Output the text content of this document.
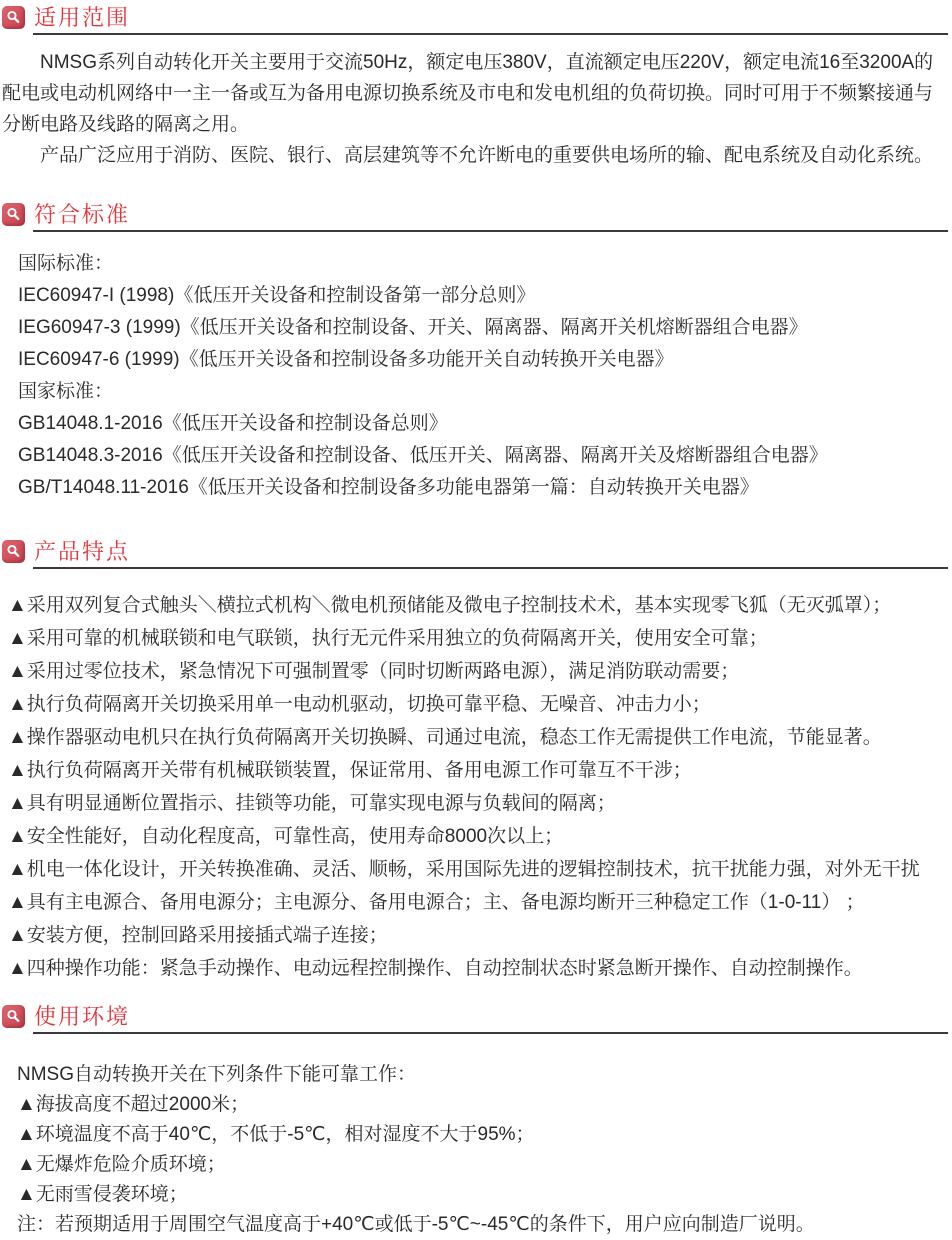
适用范围

NMSG系列自动转化开关主要用于交流50Hz，额定电压380V，直流额定电压220V，额定电流16至3200A的配电或电动机网络中一主一备或互为备用电源切换系统及市电和发电机组的负荷切换。同时可用于不频繁接通与分断电路及线路的隔离之用。

产品广泛应用于消防、医院、银行、高层建筑等不允许断电的重要供电场所的输、配电系统及自动化系统。

符合标准
国际标准：
IEC60947-I (1998)《低压开关设备和控制设备第一部分总则》
IEG60947-3 (1999)《低压开关设备和控制设备、开关、隔离器、隔离开关机熔断器组合电器》
IEC60947-6 (1999)《低压开关设备和控制设备多功能开关自动转换开关电器》
国家标准：
GB14048.1-2016《低压开关设备和控制设备总则》
GB14048.3-2016《低压开关设备和控制设备、低压开关、隔离器、隔离开关及熔断器组合电器》
GB/T14048.11-2016《低压开关设备和控制设备多功能电器第一篇：自动转换开关电器》
产品特点
▲采用双列复合式触头＼横拉式机构＼微电机预储能及微电子控制技术术，基本实现零飞狐（无灭弧罩）；
▲采用可靠的机械联锁和电气联锁，执行无元件采用独立的负荷隔离开关，使用安全可靠；
▲采用过零位技术，紧急情况下可强制置零（同时切断两路电源），满足消防联动需要；
▲执行负荷隔离开关切换采用单一电动机驱动，切换可靠平稳、无噪音、冲击力小；
▲操作器驱动电机只在执行负荷隔离开关切换瞬、司通过电流，稳态工作无需提供工作电流，节能显著。
▲执行负荷隔离开关带有机械联锁装置，保证常用、备用电源工作可靠互不干涉；
▲具有明显通断位置指示、挂锁等功能，可靠实现电源与负载间的隔离；
▲安全性能好，自动化程度高，可靠性高，使用寿命8000次以上；
▲机电一体化设计，开关转换准确、灵活、顺畅，采用国际先进的逻辑控制技术，抗干扰能力强，对外无干扰
▲具有主电源合、备用电源分；主电源分、备用电源合；主、备电源均断开三种稳定工作（1-0-11） ；
▲安装方便，控制回路采用接插式端子连接；
▲四种操作功能：紧急手动操作、电动远程控制操作、自动控制状态时紧急断开操作、自动控制操作。
使用环境

NMSG自动转换开关在下列条件下能可靠工作：

▲海拔高度不超过2000米；

▲环境温度不高于40℃，不低于-5℃，相对湿度不大于95%；

▲无爆炸危险介质环境；

▲无雨雪侵袭环境；

注：若预期适用于周围空气温度高于+40℃或低于-5℃~-45℃的条件下，用户应向制造厂说明。
